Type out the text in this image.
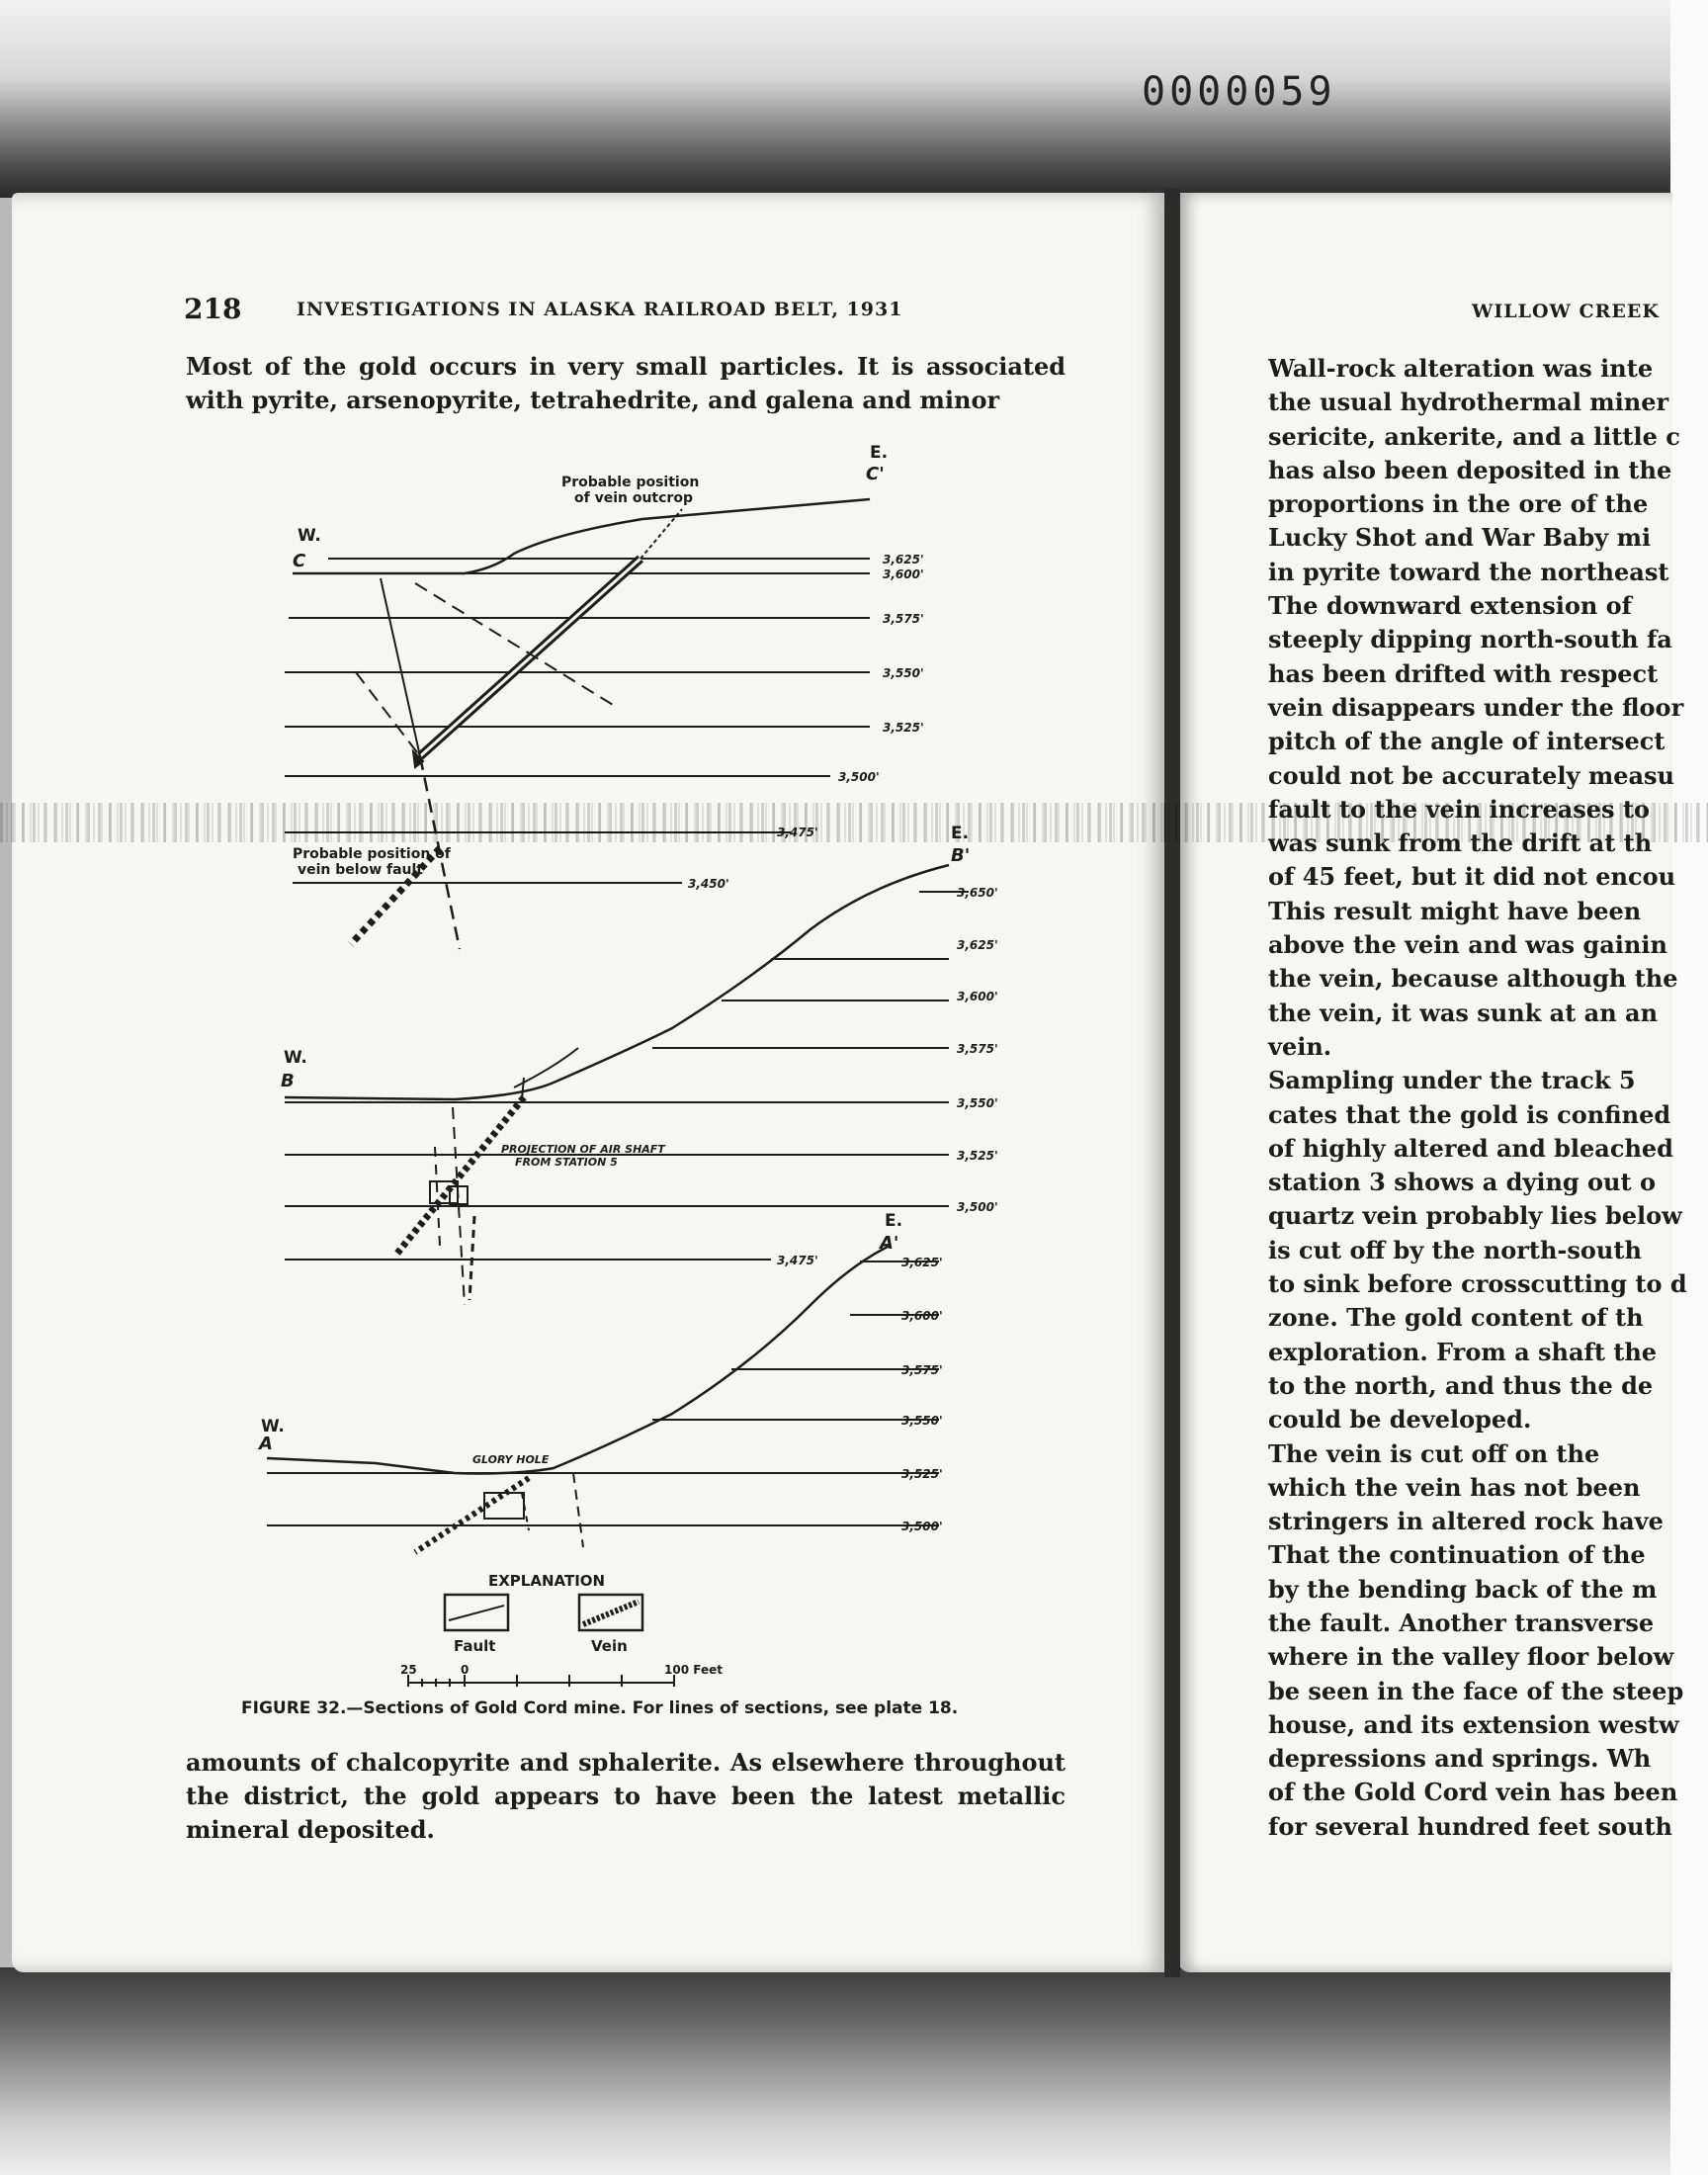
0000059
218	INVESTIGATIONS IN ALASKA RAILROAD BELT, 1931
Most of the gold occurs in very small particles. It is associated with pyrite, arsenopyrite, tetrahedrite, and galena and minor
W.
C
E.
C'
Probable position
of vein outcrop
Probable position of
vein below fault
3,625'
3,600'
3,575'
3,550'
3,525'
3,500'
3,475'
3,450'
W.
B
E.
B'
PROJECTION OF AIR SHAFT
FROM STATION 5
3,650'
3,625'
3,600'
3,575'
3,550'
3,525'
3,500'
3,475'
W.
A
E.
A'
GLORY HOLE
3,625'
3,600'
3,575'
3,550'
3,525'
3,500'
EXPLANATION
Fault	Vein
25	0	100 Feet
FIGURE 32.—Sections of Gold Cord mine. For lines of sections, see plate 18.
amounts of chalcopyrite and sphalerite. As elsewhere throughout the district, the gold appears to have been the latest metallic mineral deposited.
WILLOW CREEK
Wall-rock alteration was inte
the usual hydrothermal miner
sericite, ankerite, and a little c
has also been deposited in the
proportions in the ore of the
Lucky Shot and War Baby mi
in pyrite toward the northeast
The downward extension of
steeply dipping north-south fa
has been drifted with respect
vein disappears under the floor
pitch of the angle of intersect
could not be accurately measu
fault to the vein increases to
was sunk from the drift at th
of 45 feet, but it did not encou
This result might have been
above the vein and was gainin
the vein, because although the
the vein, it was sunk at an an
vein.
Sampling under the track 5
cates that the gold is confined
of highly altered and bleached
station 3 shows a dying out o
quartz vein probably lies below
is cut off by the north-south
to sink before crosscutting to d
zone. The gold content of th
exploration. From a shaft the
to the north, and thus the de
could be developed.
The vein is cut off on the
which the vein has not been
stringers in altered rock have
That the continuation of the
by the bending back of the m
the fault. Another transverse
where in the valley floor below
be seen in the face of the steep
house, and its extension westw
depressions and springs. Wh
of the Gold Cord vein has been
for several hundred feet south
